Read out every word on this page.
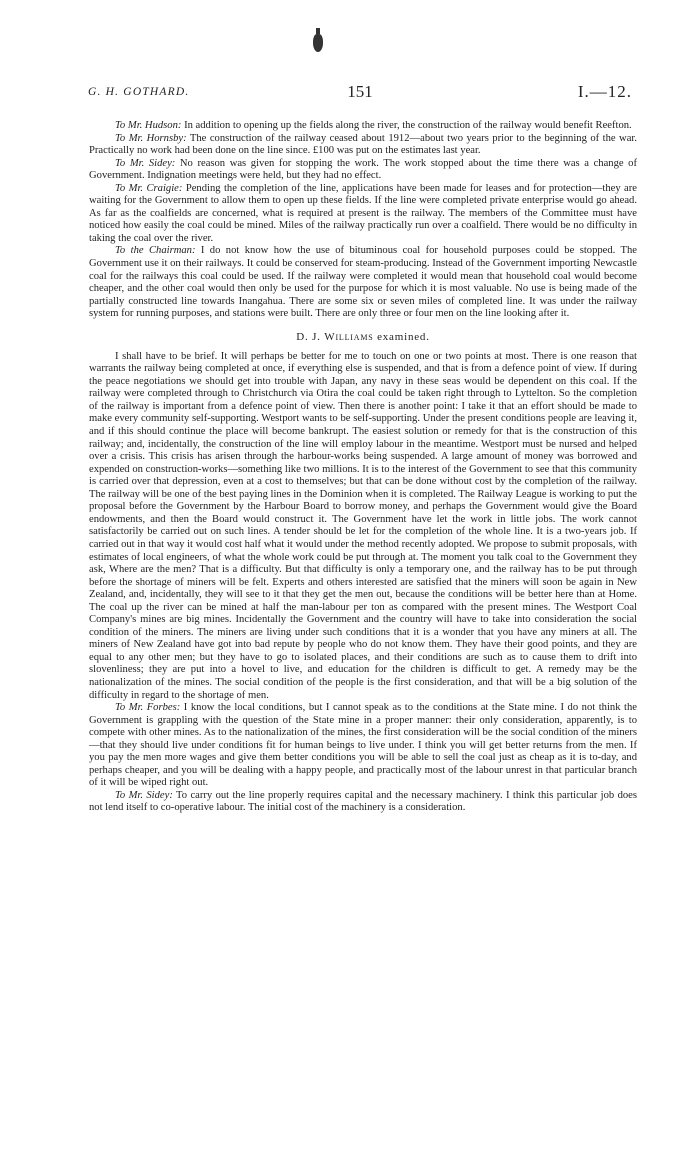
G. H. GOTHARD.	151	I.—12.

To Mr. Hudson: In addition to opening up the fields along the river, the construction of the railway would benefit Reefton.

To Mr. Hornsby: The construction of the railway ceased about 1912—about two years prior to the beginning of the war. Practically no work had been done on the line since. £100 was put on the estimates last year.

To Mr. Sidey: No reason was given for stopping the work. The work stopped about the time there was a change of Government. Indignation meetings were held, but they had no effect.

To Mr. Craigie: Pending the completion of the line, applications have been made for leases and for protection—they are waiting for the Government to allow them to open up these fields. If the line were completed private enterprise would go ahead. As far as the coalfields are concerned, what is required at present is the railway. The members of the Committee must have noticed how easily the coal could be mined. Miles of the railway practically run over a coalfield. There would be no difficulty in taking the coal over the river.

To the Chairman: I do not know how the use of bituminous coal for household purposes could be stopped. The Government use it on their railways. It could be conserved for steam-producing. Instead of the Government importing Newcastle coal for the railways this coal could be used. If the railway were completed it would mean that household coal would become cheaper, and the other coal would then only be used for the purpose for which it is most valuable. No use is being made of the partially constructed line towards Inangahua. There are some six or seven miles of completed line. It was under the railway system for running purposes, and stations were built. There are only three or four men on the line looking after it.

D. J. Williams examined.

I shall have to be brief. It will perhaps be better for me to touch on one or two points at most. There is one reason that warrants the railway being completed at once, if everything else is suspended, and that is from a defence point of view. If during the peace negotiations we should get into trouble with Japan, any navy in these seas would be dependent on this coal. If the railway were completed through to Christchurch via Otira the coal could be taken right through to Lyttelton. So the completion of the railway is important from a defence point of view. Then there is another point: I take it that an effort should be made to make every community self-supporting. Westport wants to be self-supporting. Under the present conditions people are leaving it, and if this should continue the place will become bankrupt. The easiest solution or remedy for that is the construction of this railway; and, incidentally, the construction of the line will employ labour in the meantime. Westport must be nursed and helped over a crisis. This crisis has arisen through the harbour-works being suspended. A large amount of money was borrowed and expended on construction-works—something like two millions. It is to the interest of the Government to see that this community is carried over that depression, even at a cost to themselves; but that can be done without cost by the completion of the railway. The railway will be one of the best paying lines in the Dominion when it is completed. The Railway League is working to put the proposal before the Government by the Harbour Board to borrow money, and perhaps the Government would give the Board endowments, and then the Board would construct it. The Government have let the work in little jobs. The work cannot satisfactorily be carried out on such lines. A tender should be let for the completion of the whole line. It is a two-years job. If carried out in that way it would cost half what it would under the method recently adopted. We propose to submit proposals, with estimates of local engineers, of what the whole work could be put through at. The moment you talk coal to the Government they ask, Where are the men? That is a difficulty. But that difficulty is only a temporary one, and the railway has to be put through before the shortage of miners will be felt. Experts and others interested are satisfied that the miners will soon be again in New Zealand, and, incidentally, they will see to it that they get the men out, because the conditions will be better here than at Home. The coal up the river can be mined at half the man-labour per ton as compared with the present mines. The Westport Coal Company's mines are big mines. Incidentally the Government and the country will have to take into consideration the social condition of the miners. The miners are living under such conditions that it is a wonder that you have any miners at all. The miners of New Zealand have got into bad repute by people who do not know them. They have their good points, and they are equal to any other men; but they have to go to isolated places, and their conditions are such as to cause them to drift into slovenliness; they are put into a hovel to live, and education for the children is difficult to get. A remedy may be the nationalization of the mines. The social condition of the people is the first consideration, and that will be a big solution of the difficulty in regard to the shortage of men.

To Mr. Forbes: I know the local conditions, but I cannot speak as to the conditions at the State mine. I do not think the Government is grappling with the question of the State mine in a proper manner: their only consideration, apparently, is to compete with other mines. As to the nationalization of the mines, the first consideration will be the social condition of the miners—that they should live under conditions fit for human beings to live under. I think you will get better returns from the men. If you pay the men more wages and give them better conditions you will be able to sell the coal just as cheap as it is to-day, and perhaps cheaper, and you will be dealing with a happy people, and practically most of the labour unrest in that particular branch of it will be wiped right out.

To Mr. Sidey: To carry out the line properly requires capital and the necessary machinery. I think this particular job does not lend itself to co-operative labour. The initial cost of the machinery is a consideration.
